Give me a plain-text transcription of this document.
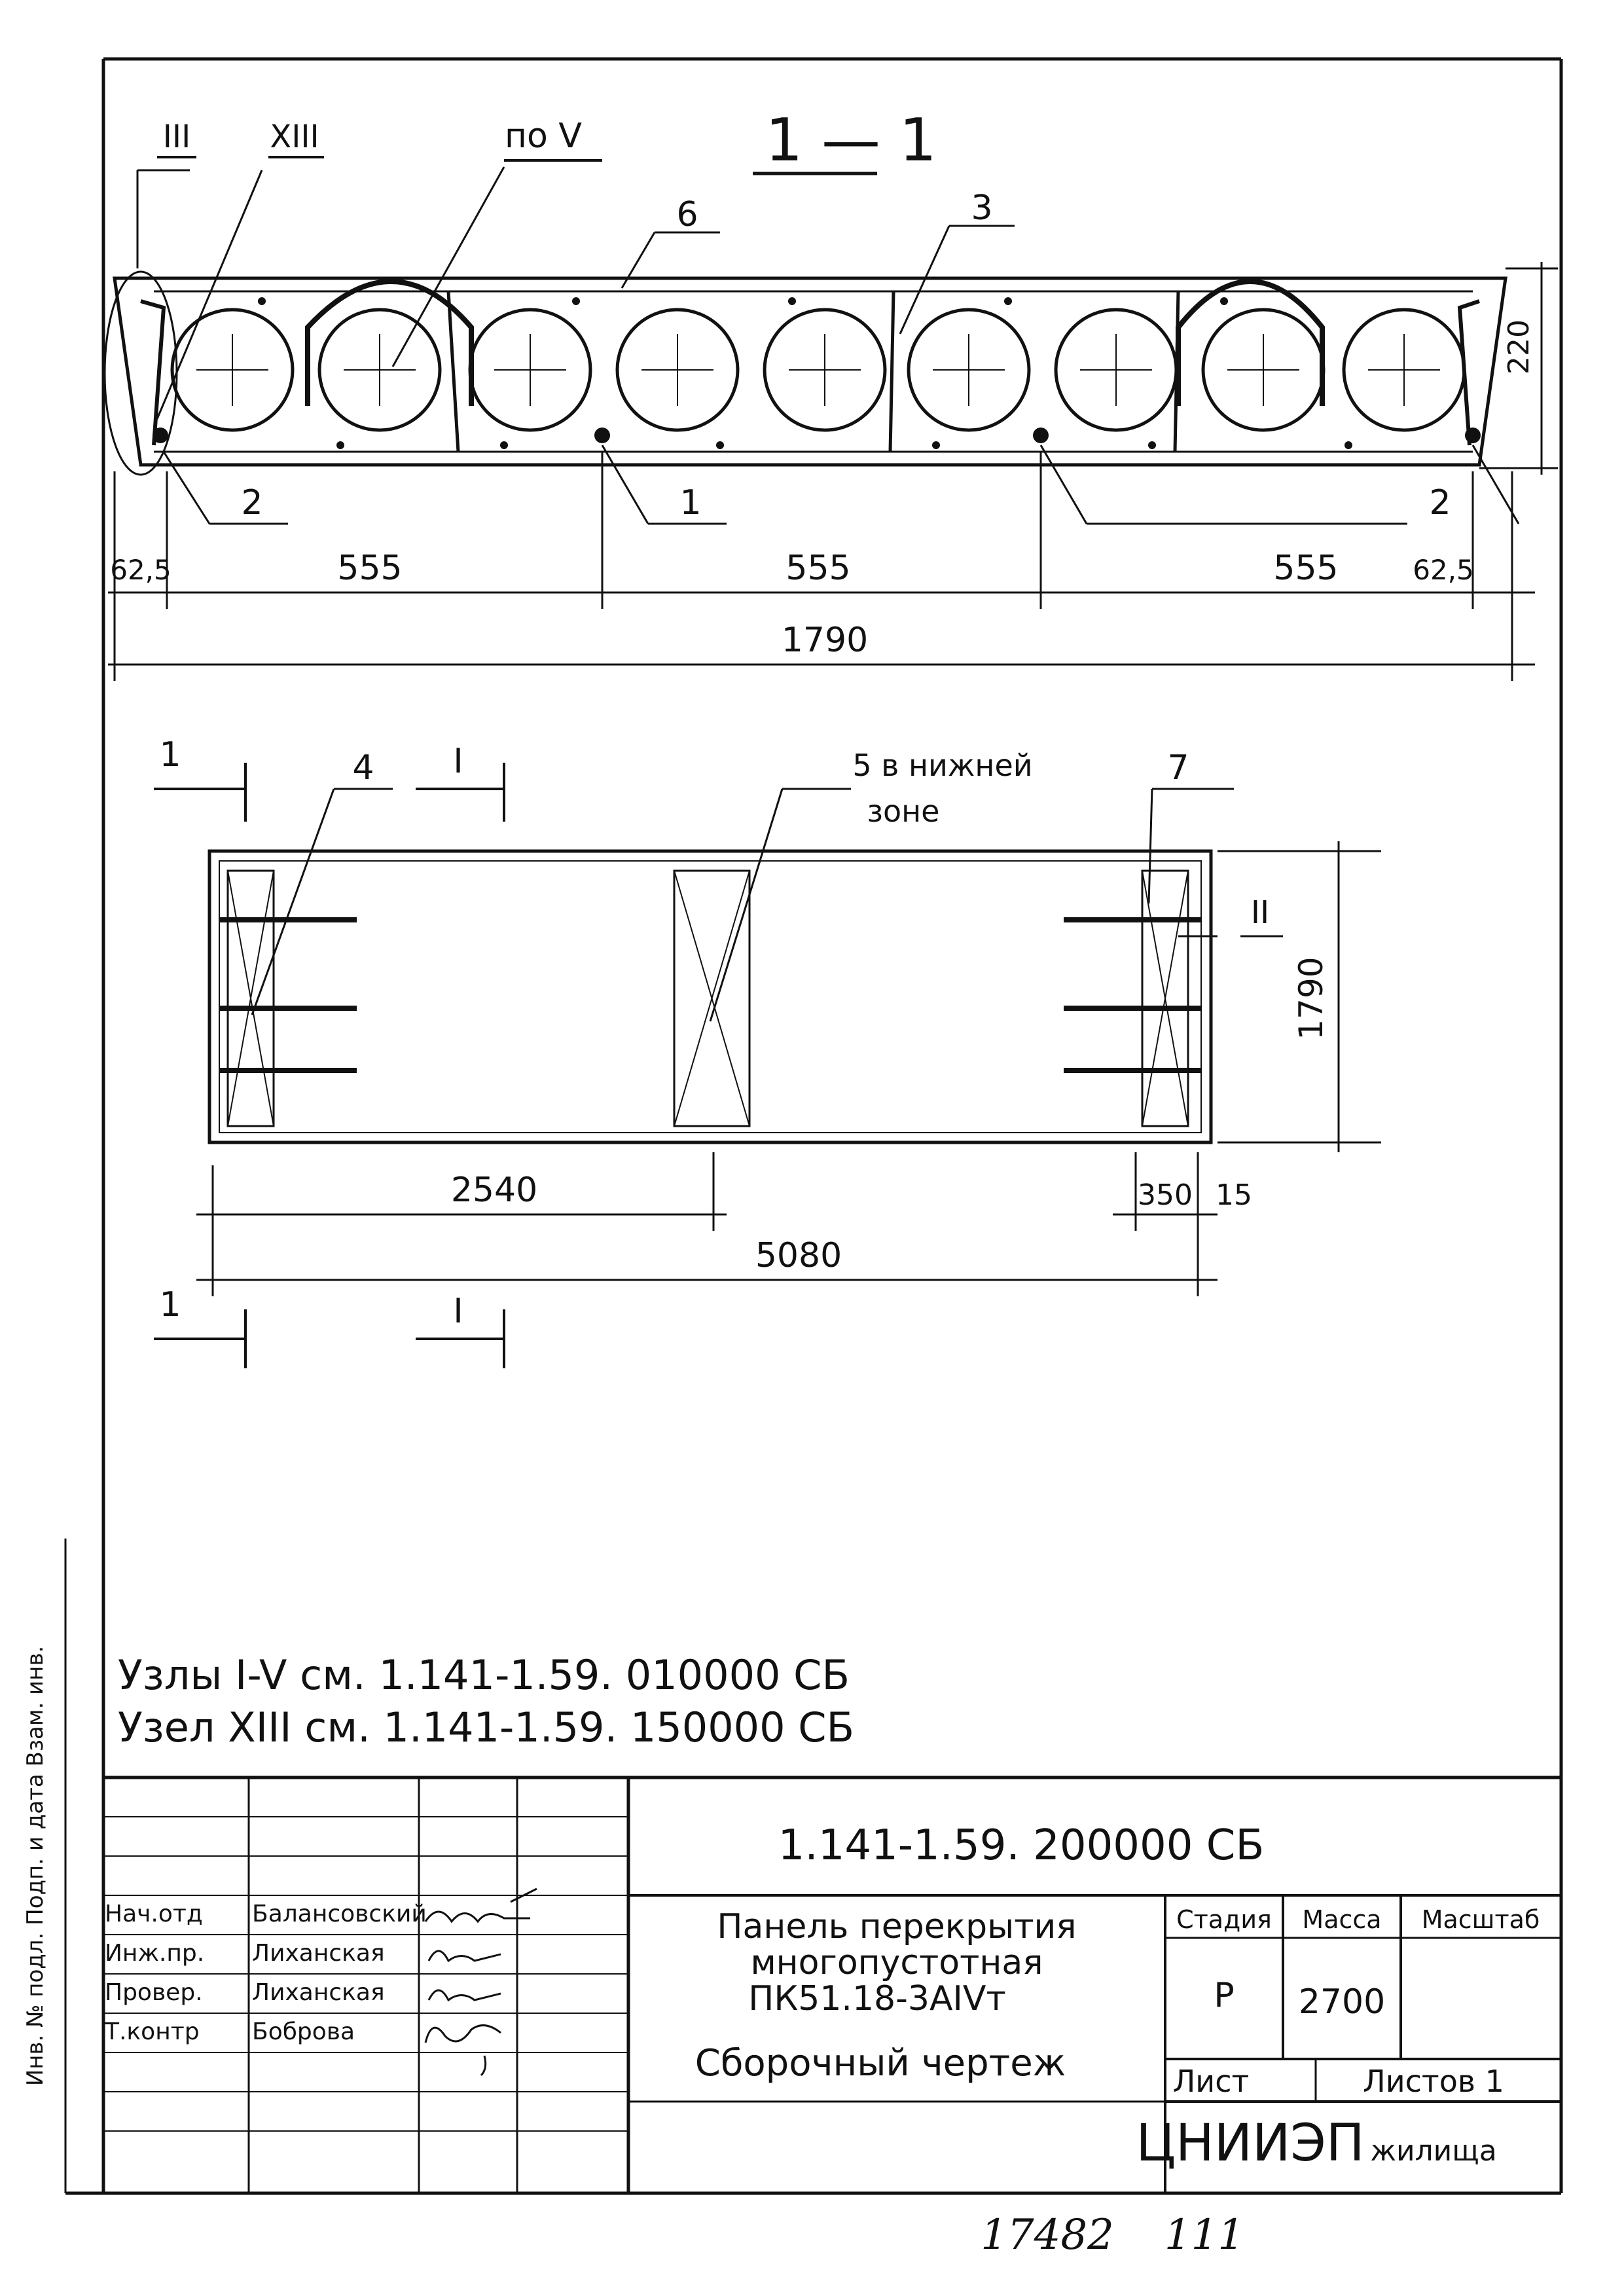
1 — 1
III	XIII	по V
6	3
2	1	2
62,5	555	555	555	62,5
1790
220
1	I
1	I
4	5 в нижней
зоне
7
II
2540
5080
350 15
1790
Узлы I-V см. 1.141-1.59. 010000 СБ
Узел XIII см. 1.141-1.59. 150000 СБ
Инв. № подл. Подп. и дата Взам. инв.	1.141-1.59. 200000 СБ
Панель перекрытия
многопустотная
ПК51.18-3АIVт
Сборочный чертеж
Стадия Масса Масштаб
Р 2700
Лист	Листов 1
ЦНИИЭП жилища
Нач.отд Балансовский
Инж.пр. Лиханская
Провер. Лиханская
Т.контр Боброва
17482 111
